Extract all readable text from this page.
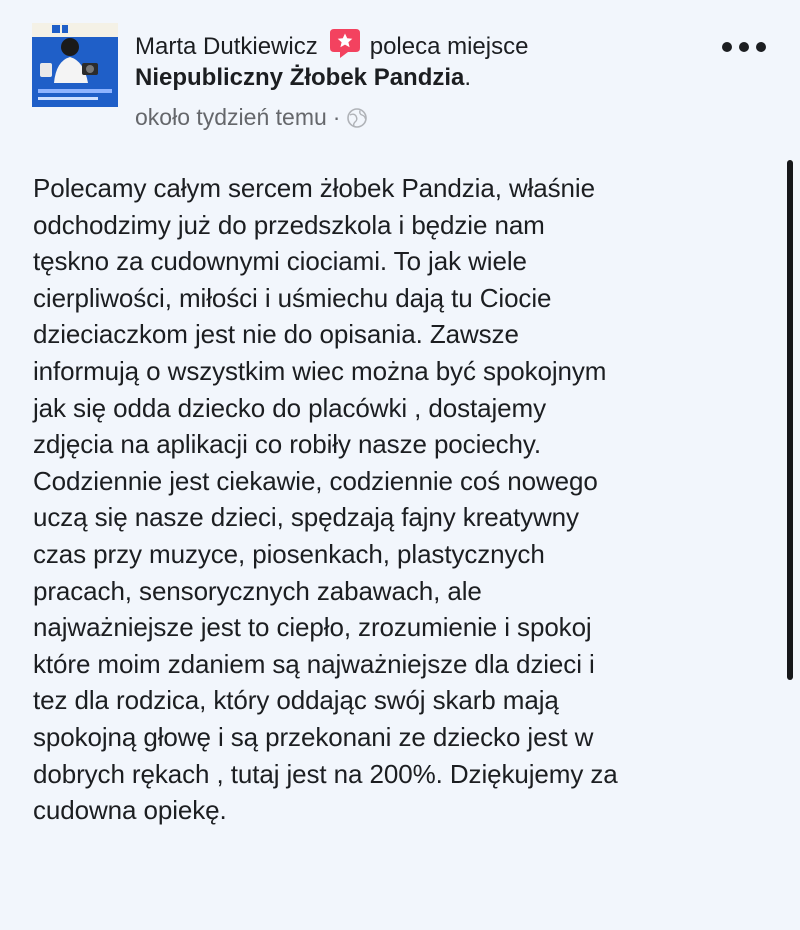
Marta Dutkiewicz poleca miejsce
Niepubliczny Żłobek Pandzia.
około tydzień temu ·

Polecamy całym sercem żłobek Pandzia, właśnie
odchodzimy już do przedszkola i będzie nam
tęskno za cudownymi ciociami. To jak wiele
cierpliwości, miłości i uśmiechu dają tu Ciocie
dzieciaczkom jest nie do opisania. Zawsze
informują o wszystkim wiec można być spokojnym
jak się odda dziecko do placówki , dostajemy
zdjęcia na aplikacji co robiły nasze pociechy.
Codziennie jest ciekawie, codziennie coś nowego
uczą się nasze dzieci, spędzają fajny kreatywny
czas przy muzyce, piosenkach, plastycznych
pracach, sensorycznych zabawach, ale
najważniejsze jest to ciepło, zrozumienie i spokoj
które moim zdaniem są najważniejsze dla dzieci i
tez dla rodzica, który oddając swój skarb mają
spokojną głowę i są przekonani ze dziecko jest w
dobrych rękach , tutaj jest na 200%. Dziękujemy za
cudowna opiekę.
